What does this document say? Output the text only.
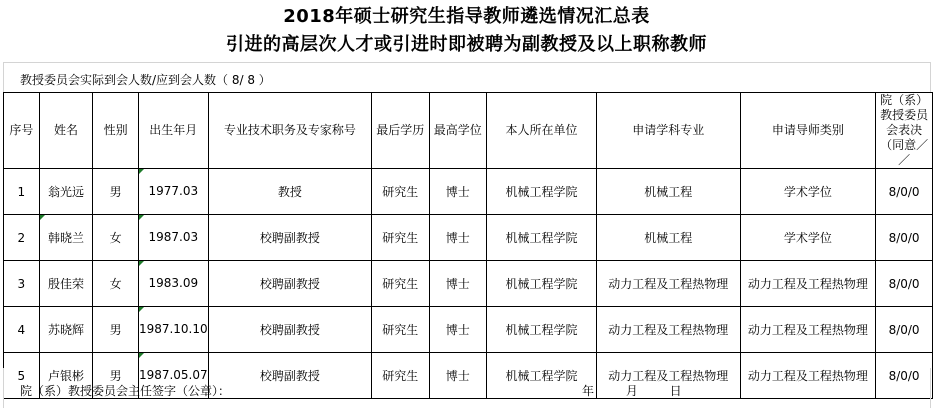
2018年硕士研究生指导教师遴选情况汇总表
引进的高层次人才或引进时即被聘为副教授及以上职称教师
教授委员会实际到会人数/应到会人数（ 8/ 8 ）
序号	姓名	性别	出生年月	专业技术职务及专家称号	最后学历	最高学位	本人所在单位	申请学科专业	申请导师类别	院（系）教授委员会表决（同意／／
1	翁光远	男	1977.03	教授	研究生	博士	机械工程学院	机械工程	学术学位	8/0/0
2	韩晓兰	女	1987.03	校聘副教授	研究生	博士	机械工程学院	机械工程	学术学位	8/0/0
3	殷佳荣	女	1983.09	校聘副教授	研究生	博士	机械工程学院	动力工程及工程热物理	动力工程及工程热物理	8/0/0
4	苏晓辉	男	1987.10.10	校聘副教授	研究生	博士	机械工程学院	动力工程及工程热物理	动力工程及工程热物理	8/0/0
5	卢银彬	男	1987.05.07	校聘副教授	研究生	博士	机械工程学院	动力工程及工程热物理	动力工程及工程热物理	8/0/0
院（系）教授委员会主任签字（公章）：	年 月 日
